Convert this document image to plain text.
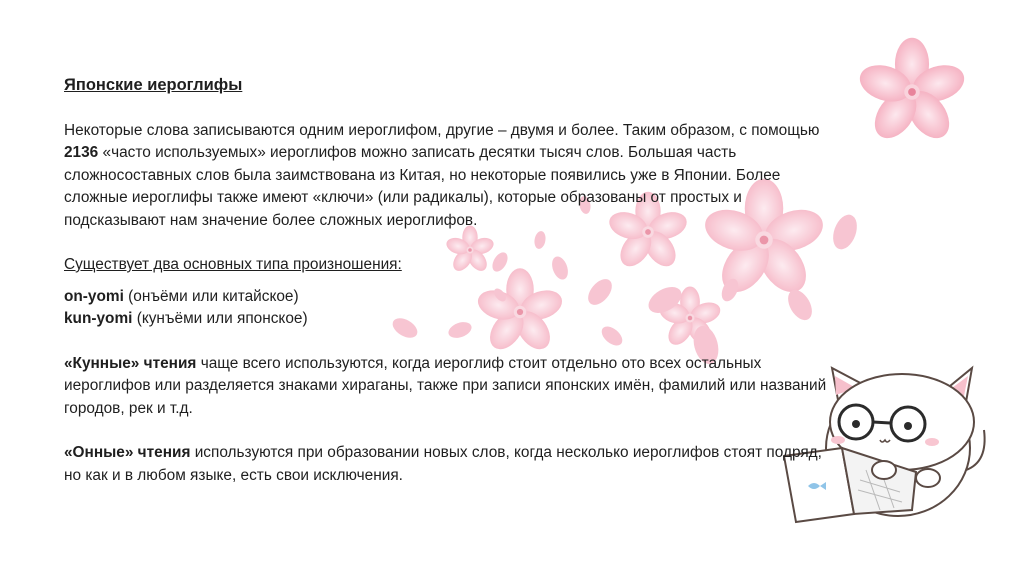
Японские иероглифы

Некоторые слова записываются одним иероглифом, другие – двумя и более. Таким образом, с помощью 2136 «часто используемых» иероглифов можно записать десятки тысяч слов. Большая часть сложносоставных слов была заимствована из Китая, но некоторые появились уже в Японии. Более сложные иероглифы также имеют «ключи» (или радикалы), которые образованы от простых и подсказывают нам значение более сложных иероглифов.

Существует два основных типа произношения:

on-yomi (онъёми или китайское)

kun-yomi (кунъёми или японское)

«Кунные» чтения чаще всего используются, когда иероглиф стоит отдельно ото всех остальных иероглифов или разделяется знаками хираганы, также при записи японских имён, фамилий или названий городов, рек и т.д.

«Онные» чтения используются при образовании новых слов, когда несколько иероглифов стоят подряд, но как и в любом языке, есть свои исключения.
